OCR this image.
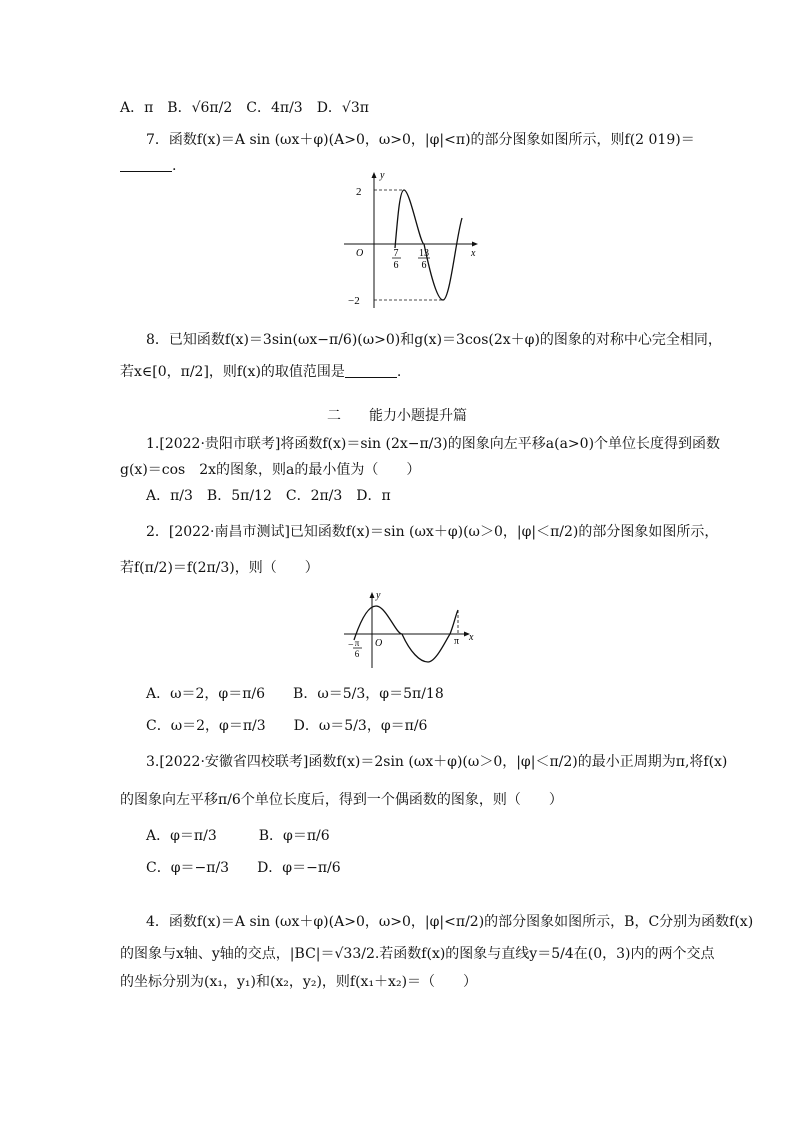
A．π　B．√6π/2　C．4π/3　D．√3π
7．函数f(x)＝A sin (ωx＋φ)(A>0，ω>0，|φ|<π)的部分图象如图所示，则f(2 019)＝
.
y
x
O
2
−2
7
6
13
6
8．已知函数f(x)＝3sin(ωx−π/6)(ω>0)和g(x)＝3cos(2x＋φ)的图象的对称中心完全相同，
若x∈[0，π/2]，则f(x)的取值范围是	.
二　　能力小题提升篇
1.[2022·贵阳市联考]将函数f(x)＝sin (2x−π/3)的图象向左平移a(a>0)个单位长度得到函数
g(x)＝cos　2x的图象，则a的最小值为（　　）
A．π/3　B．5π/12　C．2π/3　D．π
2．[2022·南昌市测试]已知函数f(x)＝sin (ωx＋φ)(ω＞0，|φ|＜π/2)的部分图象如图所示，
若f(π/2)＝f(2π/3)，则（　　）
y
x
O	π
− π
6
A．ω＝2，φ＝π/6　　B．ω＝5/3，φ＝5π/18
C．ω＝2，φ＝π/3　　D．ω＝5/3，φ＝π/6
3.[2022·安徽省四校联考]函数f(x)＝2sin (ωx＋φ)(ω＞0，|φ|＜π/2)的最小正周期为π,将f(x)
的图象向左平移π/6个单位长度后，得到一个偶函数的图象，则（　　）
A．φ＝π/3　　　B．φ＝π/6
C．φ＝−π/3　　D．φ＝−π/6
4．函数f(x)＝A sin (ωx＋φ)(A>0，ω>0，|φ|<π/2)的部分图象如图所示，B，C分别为函数f(x)
的图象与x轴、y轴的交点，|BC|＝√33/2.若函数f(x)的图象与直线y＝5/4在(0，3)内的两个交点
的坐标分别为(x₁，y₁)和(x₂，y₂)，则f(x₁＋x₂)＝（　　）
